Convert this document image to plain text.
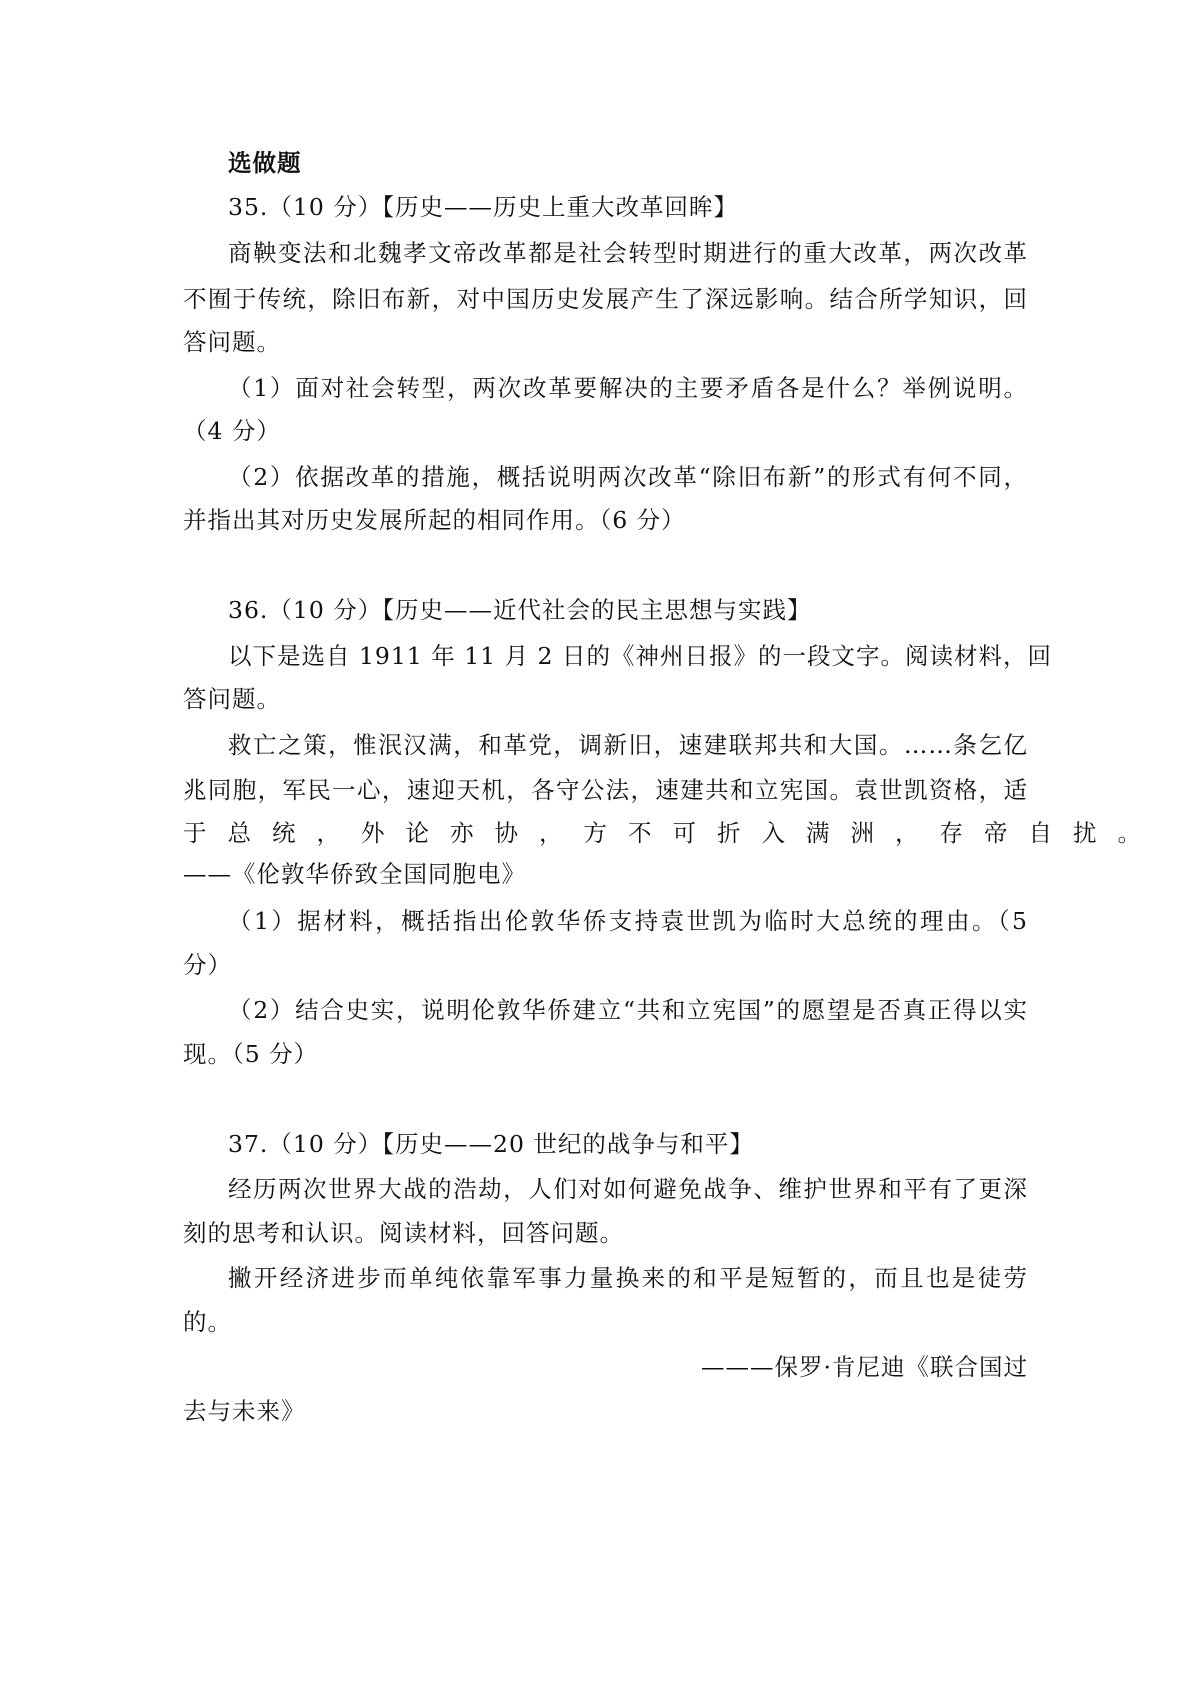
选做题
35.（10 分）【历史——历史上重大改革回眸】
商鞅变法和北魏孝文帝改革都是社会转型时期进行的重大改革，两次改革
不囿于传统，除旧布新，对中国历史发展产生了深远影响。结合所学知识，回
答问题。
（1）面对社会转型，两次改革要解决的主要矛盾各是什么？举例说明。
（4 分）
（2）依据改革的措施，概括说明两次改革“除旧布新”的形式有何不同，
并指出其对历史发展所起的相同作用。（6 分）
36.（10 分）【历史——近代社会的民主思想与实践】
以下是选自 1911 年 11 月 2 日的《神州日报》的一段文字。阅读材料，回
答问题。
救亡之策，惟泯汉满，和革党，调新旧，速建联邦共和大国。……条乞亿
兆同胞，军民一心，速迎天机，各守公法，速建共和立宪国。袁世凯资格，适
于总统，外论亦协，方不可折入满洲，存帝自扰。
——《伦敦华侨致全国同胞电》
（1）据材料，概括指出伦敦华侨支持袁世凯为临时大总统的理由。（5
分）
（2）结合史实，说明伦敦华侨建立“共和立宪国”的愿望是否真正得以实
现。（5 分）
37.（10 分）【历史——20 世纪的战争与和平】
经历两次世界大战的浩劫，人们对如何避免战争、维护世界和平有了更深
刻的思考和认识。阅读材料，回答问题。
撇开经济进步而单纯依靠军事力量换来的和平是短暂的，而且也是徒劳
的。
———保罗·肯尼迪《联合国过
去与未来》
